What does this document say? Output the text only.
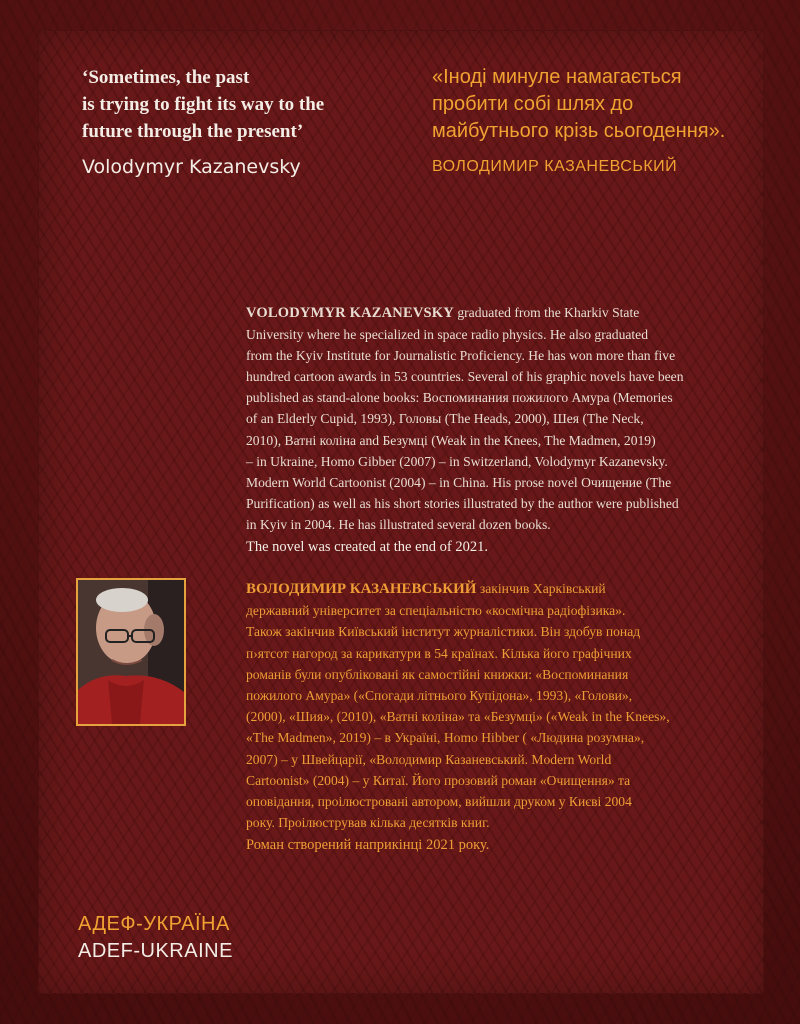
‘Sometimes, the past
is trying to fight its way to the
future through the present’
Volodymyr Kazanevsky
«Іноді минуле намагається
пробити собі шлях до
майбутнього крізь сьогодення».
ВОЛОДИМИР КАЗАНЕВСЬКИЙ
VOLODYMYR KAZANEVSKY graduated from the Kharkiv State
University where he specialized in space radio physics. He also graduated
from the Kyiv Institute for Journalistic Proficiency. He has won more than five
hundred cartoon awards in 53 countries. Several of his graphic novels have been
published as stand-alone books: Воспоминания пожилого Амура (Memories
of an Elderly Cupid, 1993), Головы (The Heads, 2000), Шея (The Neck,
2010), Ватні коліна and Безумці (Weak in the Knees, The Madmen, 2019)
– in Ukraine, Homo Gibber (2007) – in Switzerland, Volodymyr Kazanevsky.
Modern World Cartoonist (2004) – in China. His prose novel Очищение (The
Purification) as well as his short stories illustrated by the author were published
in Kyiv in 2004. He has illustrated several dozen books.
The novel was created at the end of 2021.
ВОЛОДИМИР КАЗАНЕВСЬКИЙ закінчив Харківський
державний університет за спеціальністю «космічна радіофізика».
Також закінчив Київський інститут журналістики. Він здобув понад
п›ятсот нагород за карикатури в 54 країнах. Кілька його графічних
романів були опубліковані як самостійні книжки: «Воспоминания
пожилого Амура» («Спогади літнього Купідона», 1993), «Голови»,
(2000), «Шия», (2010), «Ватні коліна» та «Безумці» («Weak in the Knees»,
«The Madmen», 2019) – в Україні, Homo Hibber ( «Людина розумна»,
2007) – у Швейцарії, «Володимир Казаневський. Modern World
Cartoonist» (2004) – у Китаї. Його прозовий роман «Очищення» та
оповідання, проілюстровані автором, вийшли друком у Києві 2004
року. Проілюстрував кілька десятків книг.
Роман створений наприкінці 2021 року.
АДЕФ-УКРАЇНА
ADEF-UKRAINE
